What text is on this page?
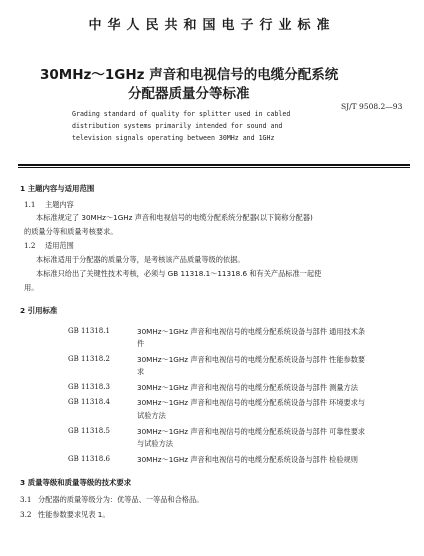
中华人民共和国电子行业标准
30MHz～1GHz 声音和电视信号的电缆分配系统
分配器质量分等标准
Grading standard of quality for splitter used in cabled
distribution systems primarily intended for sound and
television signals operating between 30MHz and 1GHz
SJ/T 9508.2—93
1 主题内容与适用范围
1.1 主题内容
本标准规定了 30MHz～1GHz 声音和电视信号的电缆分配系统分配器(以下简称分配器)
的质量分等和质量考核要求。
1.2 适用范围
本标准适用于分配器的质量分等，是考核该产品质量等级的依据。
本标准只给出了关键性技术考核，必须与 GB 11318.1～11318.6 和有关产品标准一起使
用。
2 引用标准
GB 11318.1	30MHz～1GHz 声音和电视信号的电缆分配系统设备与部件 通用技术条
件
GB 11318.2	30MHz～1GHz 声音和电视信号的电缆分配系统设备与部件 性能参数要
求
GB 11318.3	30MHz～1GHz 声音和电视信号的电缆分配系统设备与部件 测量方法
GB 11318.4	30MHz～1GHz 声音和电视信号的电缆分配系统设备与部件 环境要求与
试验方法
GB 11318.5	30MHz～1GHz 声音和电视信号的电缆分配系统设备与部件 可靠性要求
与试验方法
GB 11318.6	30MHz～1GHz 声音和电视信号的电缆分配系统设备与部件 检验规则
3 质量等级和质量等级的技术要求
3.1 分配器的质量等级分为：优等品、一等品和合格品。
3.2 性能参数要求见表 1。
